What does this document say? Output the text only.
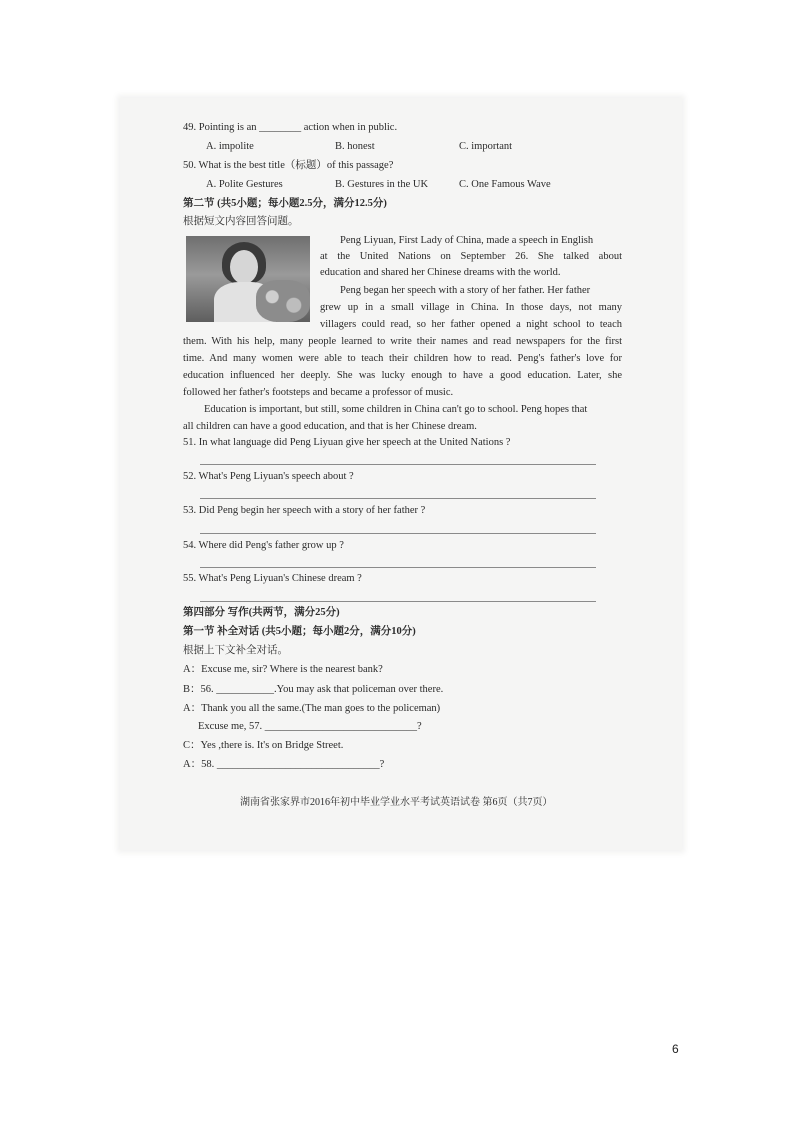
49. Pointing is an ________ action when in public.
A. impolite	B. honest	C. important
50. What is the best title（标题）of this passage?
A. Polite Gestures	B. Gestures in the UK	C. One Famous Wave
第二节 (共5小题；每小题2.5分，满分12.5分)
根据短文内容回答问题。
Peng Liyuan, First Lady of China, made a speech in English
at the United Nations on September 26. She talked about
education and shared her Chinese dreams with the world.
Peng began her speech with a story of her father. Her father
grew up in a small village in China. In those days, not many
villagers could read, so her father opened a night school to teach
them. With his help, many people learned to write their names and read newspapers for the first
time. And many women were able to teach their children how to read. Peng's father's love for
education influenced her deeply. She was lucky enough to have a good education. Later, she
followed her father's footsteps and became a professor of music.
Education is important, but still, some children in China can't go to school. Peng hopes that
all children can have a good education, and that is her Chinese dream.
51. In what language did Peng Liyuan give her speech at the United Nations ?
52. What's Peng Liyuan's speech about ?
53. Did Peng begin her speech with a story of her father ?
54. Where did Peng's father grow up ?
55. What's Peng Liyuan's Chinese dream ?
第四部分 写作(共两节，满分25分)
第一节 补全对话 (共5小题；每小题2分，满分10分)
根据上下文补全对话。
A：Excuse me, sir? Where is the nearest bank?
B：56. ___________.You may ask that policeman over there.
A：Thank you all the same.(The man goes to the policeman)
Excuse me, 57. _____________________________?
C：Yes ,there is. It's on Bridge Street.
A：58. _______________________________?
湖南省张家界市2016年初中毕业学业水平考试英语试卷 第6页（共7页）
6
